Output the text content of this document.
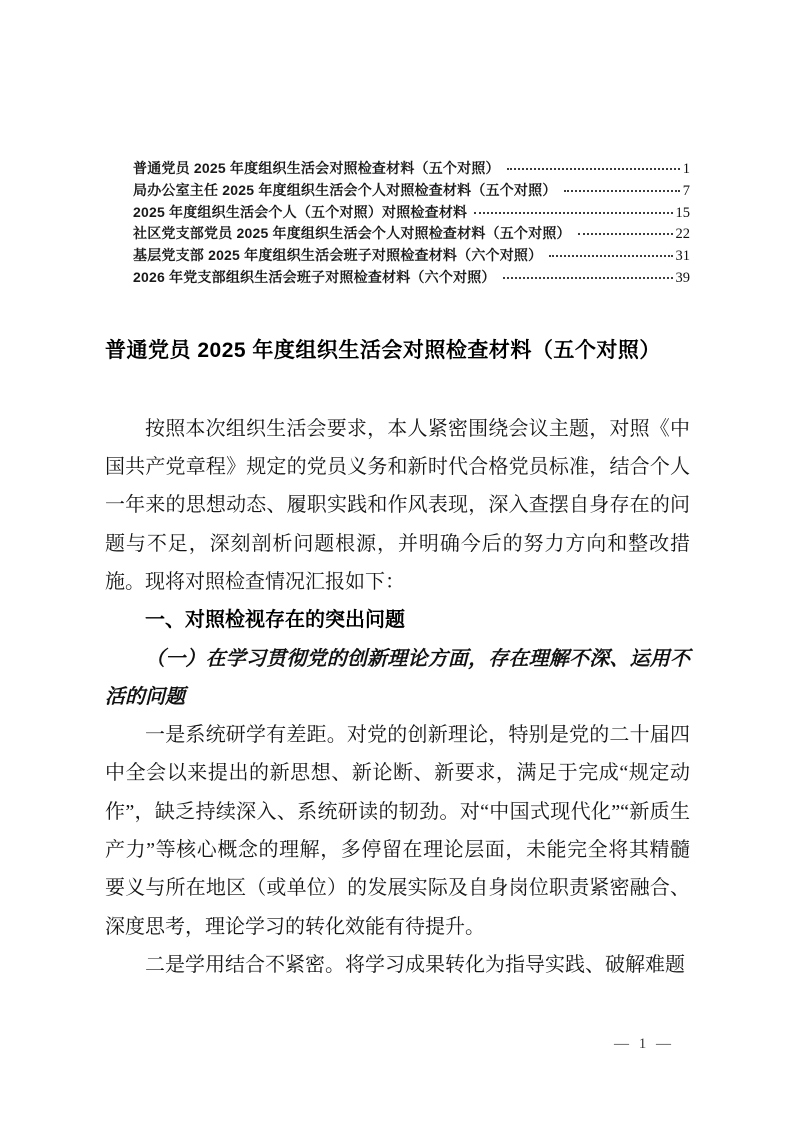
普通党员 2025 年度组织生活会对照检查材料（五个对照）	1
局办公室主任 2025 年度组织生活会个人对照检查材料（五个对照）	7
2025 年度组织生活会个人（五个对照）对照检查材料	15
社区党支部党员 2025 年度组织生活会个人对照检查材料（五个对照）	22
基层党支部 2025 年度组织生活会班子对照检查材料（六个对照）	31
2026 年党支部组织生活会班子对照检查材料（六个对照）	39
普通党员 2025 年度组织生活会对照检查材料（五个对照）

按照本次组织生活会要求，本人紧密围绕会议主题，对照《中国共产党章程》规定的党员义务和新时代合格党员标准，结合个人一年来的思想动态、履职实践和作风表现，深入查摆自身存在的问题与不足，深刻剖析问题根源，并明确今后的努力方向和整改措施。现将对照检查情况汇报如下：

一、对照检视存在的突出问题
（一）在学习贯彻党的创新理论方面，存在理解不深、运用不活的问题

一是系统研学有差距。对党的创新理论，特别是党的二十届四中全会以来提出的新思想、新论断、新要求，满足于完成“规定动作”，缺乏持续深入、系统研读的韧劲。对“中国式现代化”“新质生产力”等核心概念的理解，多停留在理论层面，未能完全将其精髓要义与所在地区（或单位）的发展实际及自身岗位职责紧密融合、深度思考，理论学习的转化效能有待提升。

二是学用结合不紧密。将学习成果转化为指导实践、破解难题

— 1 —
